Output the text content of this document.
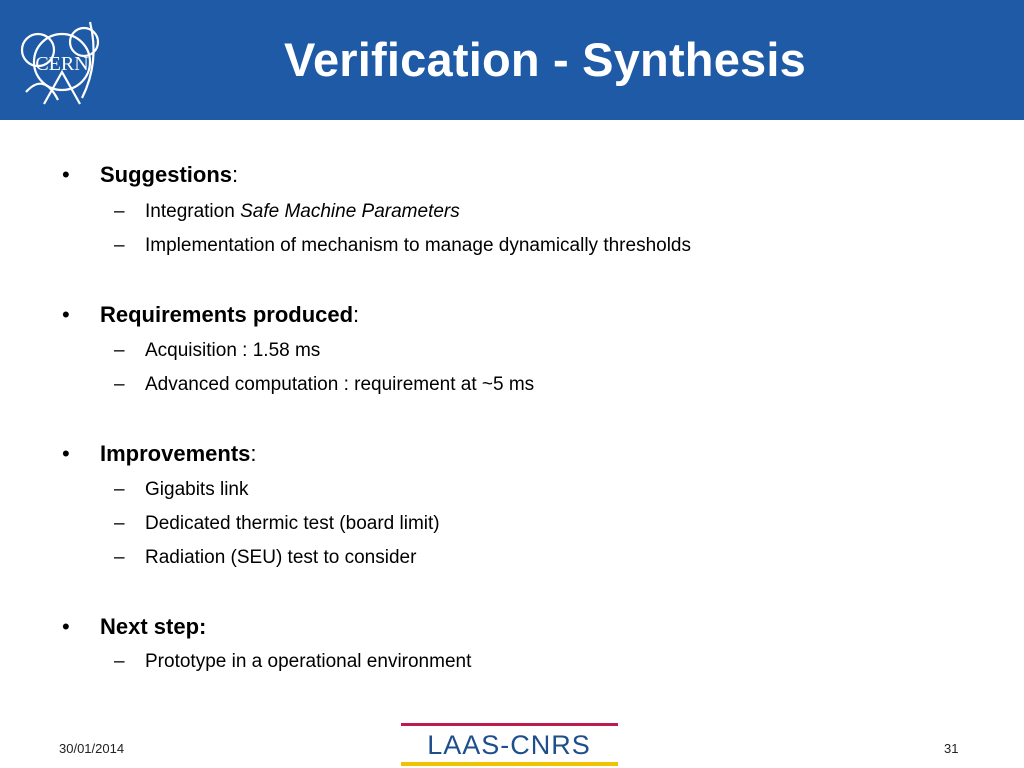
CERN	Verification - Synthesis
• Suggestions:
– Integration Safe Machine Parameters
– Implementation of mechanism to manage dynamically thresholds
• Requirements produced:
– Acquisition : 1.58 ms
– Advanced computation : requirement at ~5 ms
• Improvements:
– Gigabits link
– Dedicated thermic test (board limit)
– Radiation (SEU) test to consider
• Next step:
– Prototype in a operational environment
30/01/2014	LAAS-CNRS	31
